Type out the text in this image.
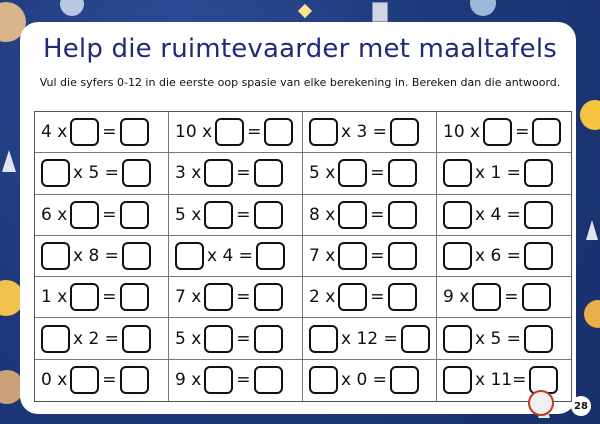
Help die ruimtevaarder met maaltafels

Vul die syfers 0-12 in die eerste oop spasie van elke berekening in. Bereken dan die antwoord.

4 x =	10 x =	x 3 =	10 x =
x 5 =	3 x =	5 x =	x 1 =
6 x =	5 x =	8 x =	x 4 =
x 8 =	x 4 =	7 x =	x 6 =
1 x =	7 x =	2 x =	9 x =
x 2 =	5 x =	x 12 =	x 5 =
0 x =	9 x =	x 0 =	x 11=
28
